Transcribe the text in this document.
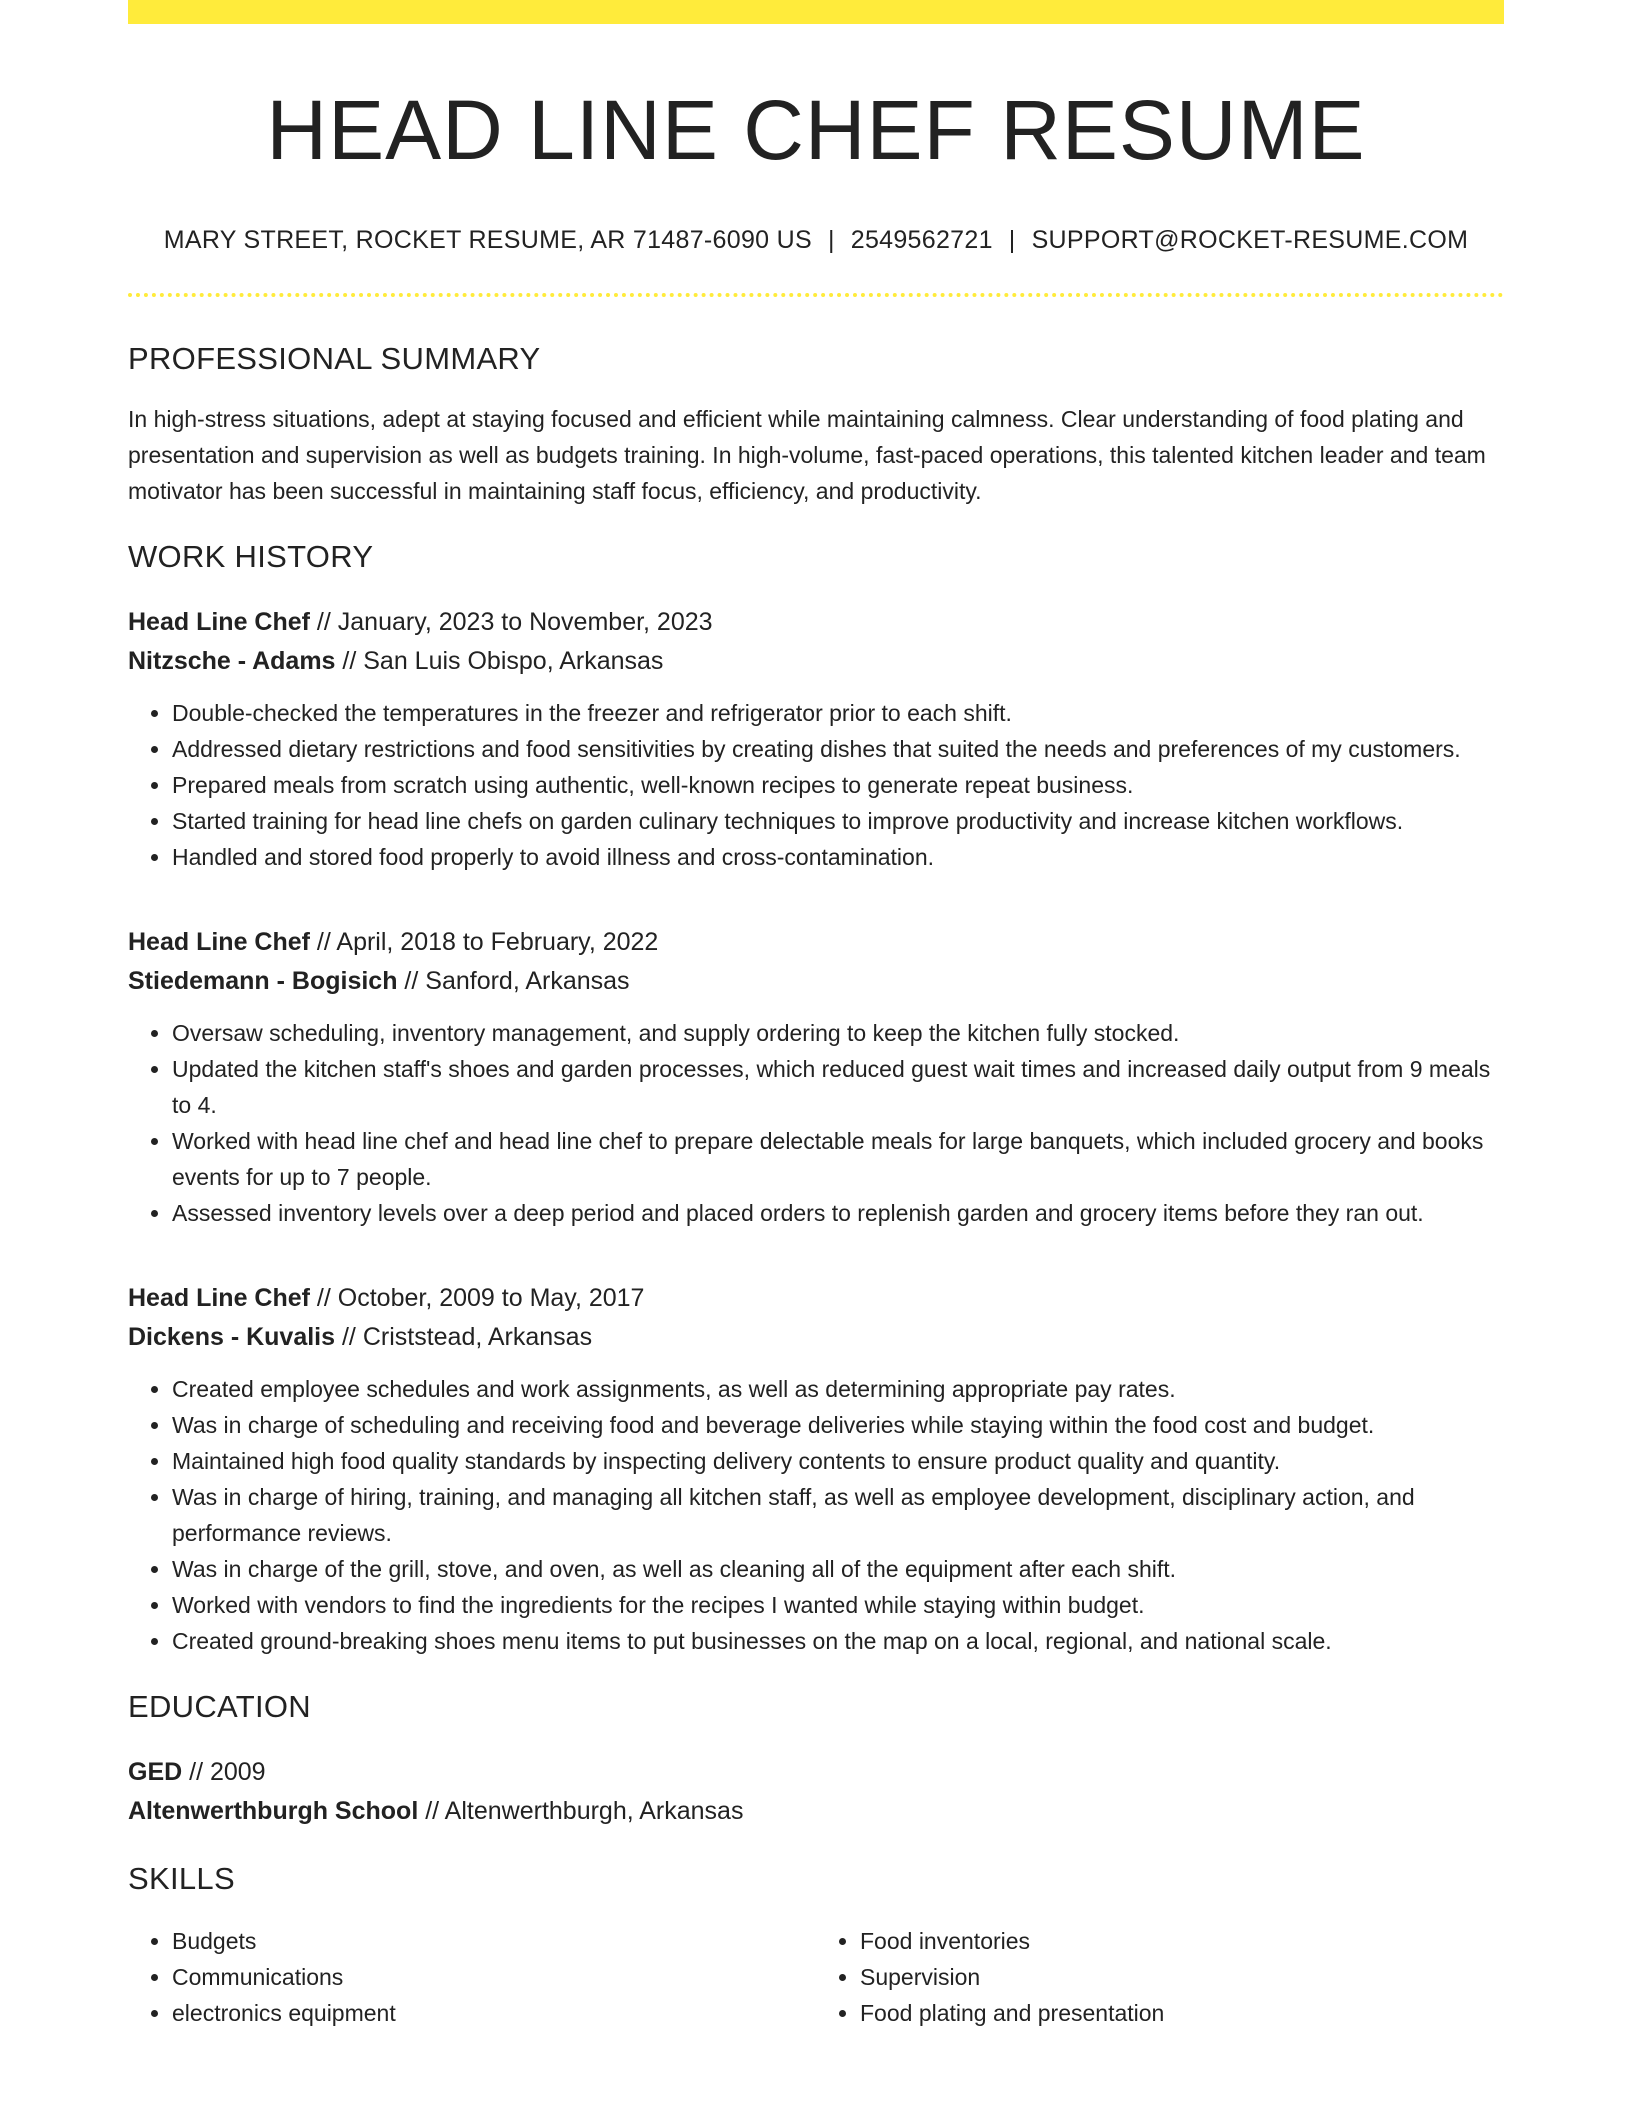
HEAD LINE CHEF RESUME
MARY STREET, ROCKET RESUME, AR 71487-6090 US | 2549562721 | SUPPORT@ROCKET-RESUME.COM
PROFESSIONAL SUMMARY

In high-stress situations, adept at staying focused and efficient while maintaining calmness. Clear understanding of food plating and presentation and supervision as well as budgets training. In high-volume, fast-paced operations, this talented kitchen leader and team motivator has been successful in maintaining staff focus, efficiency, and productivity.

WORK HISTORY
Head Line Chef // January, 2023 to November, 2023
Nitzsche - Adams // San Luis Obispo, Arkansas
• Double-checked the temperatures in the freezer and refrigerator prior to each shift.
• Addressed dietary restrictions and food sensitivities by creating dishes that suited the needs and preferences of my customers.
• Prepared meals from scratch using authentic, well-known recipes to generate repeat business.
• Started training for head line chefs on garden culinary techniques to improve productivity and increase kitchen workflows.
• Handled and stored food properly to avoid illness and cross-contamination.
Head Line Chef // April, 2018 to February, 2022
Stiedemann - Bogisich // Sanford, Arkansas
• Oversaw scheduling, inventory management, and supply ordering to keep the kitchen fully stocked.
• Updated the kitchen staff's shoes and garden processes, which reduced guest wait times and increased daily output from 9 meals to 4.
• Worked with head line chef and head line chef to prepare delectable meals for large banquets, which included grocery and books events for up to 7 people.
• Assessed inventory levels over a deep period and placed orders to replenish garden and grocery items before they ran out.
Head Line Chef // October, 2009 to May, 2017
Dickens - Kuvalis // Criststead, Arkansas
• Created employee schedules and work assignments, as well as determining appropriate pay rates.
• Was in charge of scheduling and receiving food and beverage deliveries while staying within the food cost and budget.
• Maintained high food quality standards by inspecting delivery contents to ensure product quality and quantity.
• Was in charge of hiring, training, and managing all kitchen staff, as well as employee development, disciplinary action, and performance reviews.
• Was in charge of the grill, stove, and oven, as well as cleaning all of the equipment after each shift.
• Worked with vendors to find the ingredients for the recipes I wanted while staying within budget.
• Created ground-breaking shoes menu items to put businesses on the map on a local, regional, and national scale.
EDUCATION
GED // 2009
Altenwerthburgh School // Altenwerthburgh, Arkansas
SKILLS
• Budgets
• Communications
• electronics equipment
• Food inventories
• Supervision
• Food plating and presentation
